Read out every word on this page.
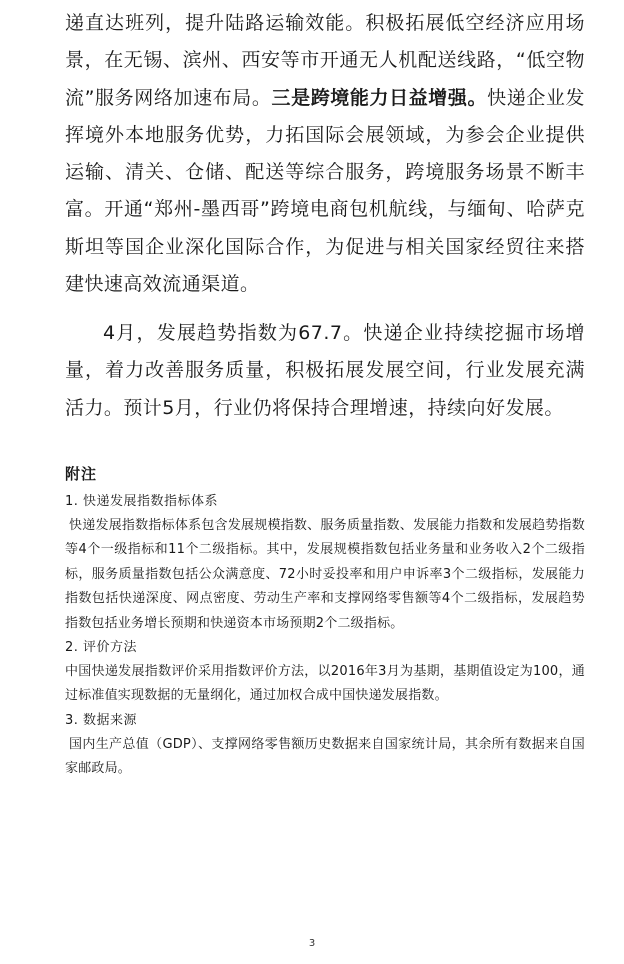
递直达班列，提升陆路运输效能。积极拓展低空经济应用场景，在无锡、滨州、西安等市开通无人机配送线路，“低空物流”服务网络加速布局。三是跨境能力日益增强。快递企业发挥境外本地服务优势，力拓国际会展领域，为参会企业提供运输、清关、仓储、配送等综合服务，跨境服务场景不断丰富。开通“郑州-墨西哥”跨境电商包机航线，与缅甸、哈萨克斯坦等国企业深化国际合作，为促进与相关国家经贸往来搭建快速高效流通渠道。

4月，发展趋势指数为67.7。快递企业持续挖掘市场增量，着力改善服务质量，积极拓展发展空间，行业发展充满活力。预计5月，行业仍将保持合理增速，持续向好发展。

附注

1. 快递发展指数指标体系

快递发展指数指标体系包含发展规模指数、服务质量指数、发展能力指数和发展趋势指数等4个一级指标和11个二级指标。其中，发展规模指数包括业务量和业务收入2个二级指标，服务质量指数包括公众满意度、72小时妥投率和用户申诉率3个二级指标，发展能力指数包括快递深度、网点密度、劳动生产率和支撑网络零售额等4个二级指标，发展趋势指数包括业务增长预期和快递资本市场预期2个二级指标。

2. 评价方法

中国快递发展指数评价采用指数评价方法，以2016年3月为基期，基期值设定为100，通过标准值实现数据的无量纲化，通过加权合成中国快递发展指数。

3. 数据来源

国内生产总值（GDP）、支撑网络零售额历史数据来自国家统计局，其余所有数据来自国家邮政局。

3
